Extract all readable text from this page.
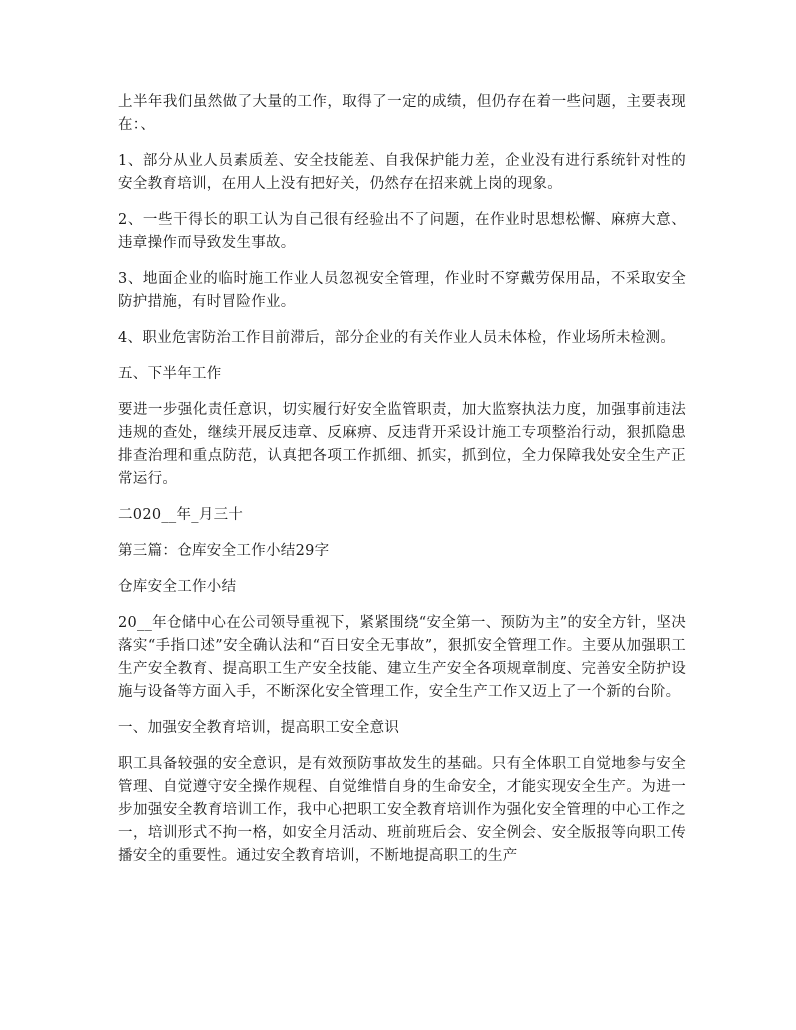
上半年我们虽然做了大量的工作，取得了一定的成绩，但仍存在着一些问题，主要表现在：、

1、部分从业人员素质差、安全技能差、自我保护能力差，企业没有进行系统针对性的安全教育培训，在用人上没有把好关，仍然存在招来就上岗的现象。

2、一些干得长的职工认为自己很有经验出不了问题，在作业时思想松懈、麻痹大意、违章操作而导致发生事故。

3、地面企业的临时施工作业人员忽视安全管理，作业时不穿戴劳保用品，不采取安全防护措施，有时冒险作业。

4、职业危害防治工作目前滞后，部分企业的有关作业人员未体检，作业场所未检测。

五、下半年工作

要进一步强化责任意识，切实履行好安全监管职责，加大监察执法力度，加强事前违法违规的查处，继续开展反违章、反麻痹、反违背开采设计施工专项整治行动，狠抓隐患排查治理和重点防范，认真把各项工作抓细、抓实，抓到位，全力保障我处安全生产正常运行。

二020__年_月三十

第三篇：仓库安全工作小结29字

仓库安全工作小结

20__年仓储中心在公司领导重视下，紧紧围绕“安全第一、预防为主”的安全方针，坚决落实“手指口述”安全确认法和“百日安全无事故”，狠抓安全管理工作。主要从加强职工生产安全教育、提高职工生产安全技能、建立生产安全各项规章制度、完善安全防护设施与设备等方面入手，不断深化安全管理工作，安全生产工作又迈上了一个新的台阶。

一、加强安全教育培训，提高职工安全意识

职工具备较强的安全意识，是有效预防事故发生的基础。只有全体职工自觉地参与安全管理、自觉遵守安全操作规程、自觉维惜自身的生命安全，才能实现安全生产。为进一步加强安全教育培训工作，我中心把职工安全教育培训作为强化安全管理的中心工作之一，培训形式不拘一格，如安全月活动、班前班后会、安全例会、安全版报等向职工传播安全的重要性。通过安全教育培训，不断地提高职工的生产
